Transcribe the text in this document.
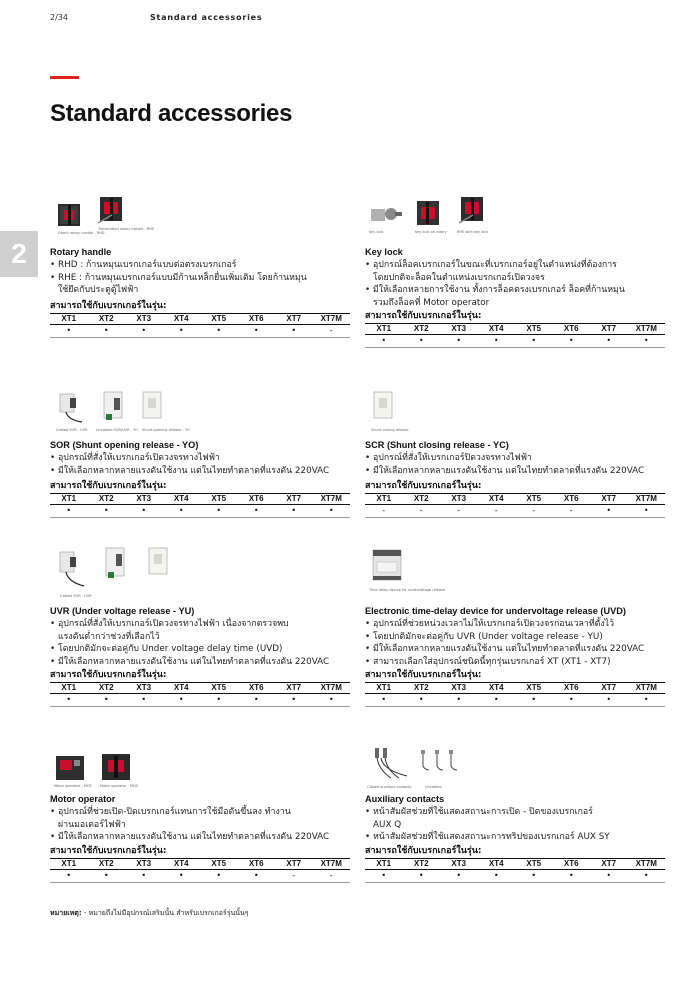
2/34	Standard accessories
Standard accessories
2
Direct rotary handle - RHD
Transmitted rotary handle - RHE
Rotary handle
• RHD : ก้านหมุนเบรกเกอร์แบบต่อตรงเบรกเกอร์
• RHE : ก้านหมุนเบรกเกอร์แบบมีก้านเหล็กยื่นเพิ่มเติม โดยก้านหมุน
ใช้ยึดกับประตูตู้ไฟฟ้า
สามารถใช้กับเบรกเกอร์ในรุ่น:
XT1	XT2	XT3	XT4	XT5	XT6	XT7	XT7M
•	•	•	•	•	•	•	-
Key lock	Key lock on rotary	RHE with key lock
Key lock
• อุปกรณ์ล็อคเบรกเกอร์ในขณะที่เบรกเกอร์อยู่ในตำแหน่งที่ต้องการ
โดยปกติจะล็อคในตำแหน่งเบรกเกอร์เปิดวงจร
• มีให้เลือกหลายการใช้งาน ทั้งการล็อคตรงเบรกเกอร์ ล็อคที่ก้านหมุน
รวมถึงล็อคที่ Motor operator
สามารถใช้กับเบรกเกอร์ในรุ่น:
XT1	XT2	XT3	XT4	XT5	XT6	XT7	XT7M
•	•	•	•	•	•	•	•
Cabled SOR - UVR Uncabled SOR/UVR - YO Shunt opening release - YO
SOR (Shunt opening release - YO)
• อุปกรณ์ที่สั่งให้เบรกเกอร์เปิดวงจรทางไฟฟ้า
• มีให้เลือกหลากหลายแรงดันใช้งาน แต่ในไทยทำตลาดที่แรงดัน 220VAC
สามารถใช้กับเบรกเกอร์ในรุ่น:
XT1	XT2	XT3	XT4	XT5	XT6	XT7	XT7M
•	•	•	•	•	•	•	•
Shunt closing release
SCR (Shunt closing release - YC)
• อุปกรณ์ที่สั่งให้เบรกเกอร์ปิดวงจรทางไฟฟ้า
• มีให้เลือกหลากหลายแรงดันใช้งาน แต่ในไทยทำตลาดที่แรงดัน 220VAC
สามารถใช้กับเบรกเกอร์ในรุ่น:
XT1	XT2	XT3	XT4	XT5	XT6	XT7	XT7M
-	-	-	-	-	-	•	•
Cabled SOR - UVR
UVR (Under voltage release - YU)
• อุปกรณ์ที่สั่งให้เบรกเกอร์เปิดวงจรทางไฟฟ้า เนื่องจากตรวจพบ
แรงดันต่ำกว่าช่วงที่เลือกไว้
• โดยปกติมักจะต่อคู่กับ Under voltage delay time (UVD)
• มีให้เลือกหลากหลายแรงดันใช้งาน แต่ในไทยทำตลาดที่แรงดัน 220VAC
สามารถใช้กับเบรกเกอร์ในรุ่น:
XT1	XT2	XT3	XT4	XT5	XT6	XT7	XT7M
•	•	•	•	•	•	•	•
Time delay device for undervoltage release
Electronic time-delay device for undervoltage release (UVD)
• อุปกรณ์ที่ช่วยหน่วงเวลาไม่ให้เบรกเกอร์เปิดวงจรก่อนเวลาที่ตั้งไว้
• โดยปกติมักจะต่อคู่กับ UVR (Under voltage release - YU)
• มีให้เลือกหลากหลายแรงดันใช้งาน แต่ในไทยทำตลาดที่แรงดัน 220VAC
• สามารถเลือกใส่อุปกรณ์ชนิดนี้ทุกรุ่นเบรกเกอร์ XT (XT1 - XT7)
สามารถใช้กับเบรกเกอร์ในรุ่น:
XT1	XT2	XT3	XT4	XT5	XT6	XT7	XT7M
•	•	•	•	•	•	•	•
Motor operator - MOE Motor operator - MOD
Motor operator
• อุปกรณ์ที่ช่วยเปิด-ปิดเบรกเกอร์แทนการใช้มือดันขึ้นลง ทำงาน
ผ่านมอเตอร์ไฟฟ้า
• มีให้เลือกหลากหลายแรงดันใช้งาน แต่ในไทยทำตลาดที่แรงดัน 220VAC
สามารถใช้กับเบรกเกอร์ในรุ่น:
XT1	XT2	XT3	XT4	XT5	XT6	XT7	XT7M
•	•	•	•	•	•	-	-
Cabled auxiliary contacts	Uncabled
Auxiliary contacts
• หน้าสัมผัสช่วยที่ใช้แสดงสถานะการเปิด - ปิดของเบรกเกอร์
AUX Q
• หน้าสัมผัสช่วยที่ใช้แสดงสถานะการทริปของเบรกเกอร์ AUX SY
สามารถใช้กับเบรกเกอร์ในรุ่น:
XT1	XT2	XT3	XT4	XT5	XT6	XT7	XT7M
•	•	•	•	•	•	•	•
หมายเหตุ: - หมายถึงไม่มีอุปกรณ์เสริมนั้น สำหรับเบรกเกอร์รุ่นนั้นๆ
